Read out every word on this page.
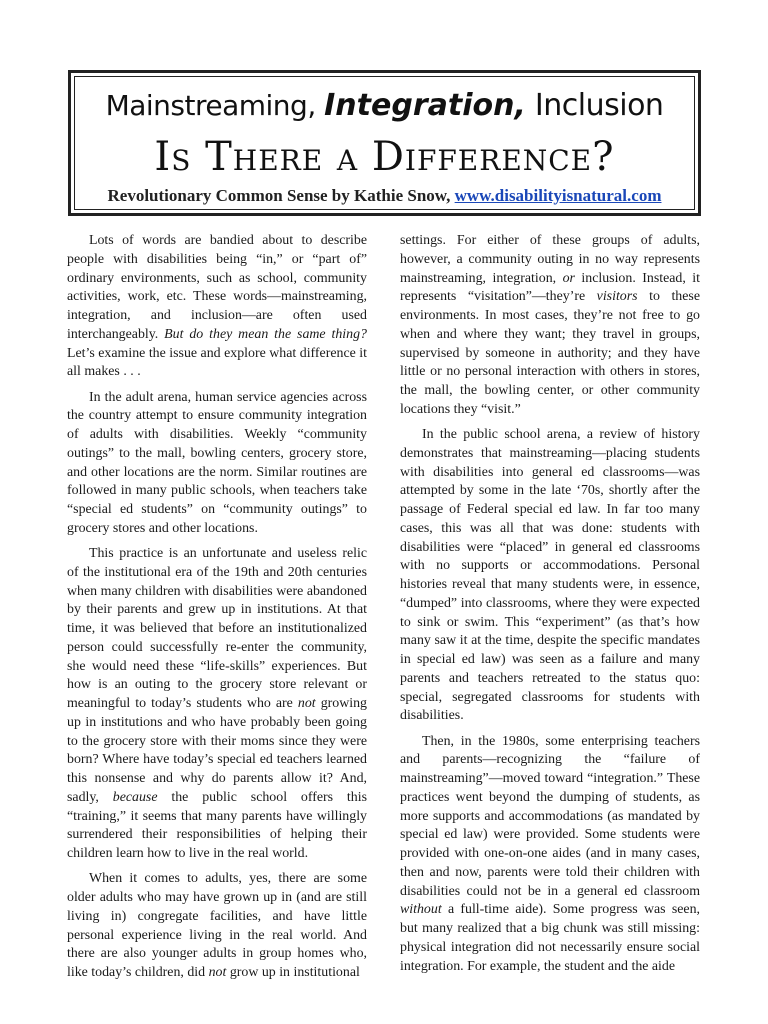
Mainstreaming, Integration, Inclusion
Is There a Difference?
Revolutionary Common Sense by Kathie Snow, www.disabilityisnatural.com

Lots of words are bandied about to describe people with disabilities being “in,” or “part of” ordinary environments, such as school, community activities, work, etc. These words—mainstreaming, integration, and inclusion—are often used interchangeably. But do they mean the same thing? Let’s examine the issue and explore what difference it all makes . . .

In the adult arena, human service agencies across the country attempt to ensure community integration of adults with disabilities. Weekly “community outings” to the mall, bowling centers, grocery store, and other locations are the norm. Similar routines are followed in many public schools, when teachers take “special ed students” on “community outings” to grocery stores and other locations.

This practice is an unfortunate and useless relic of the institutional era of the 19th and 20th centuries when many children with disabilities were abandoned by their parents and grew up in institutions. At that time, it was believed that before an institutionalized person could successfully re-enter the community, she would need these “life-skills” experiences. But how is an outing to the grocery store relevant or meaningful to today’s students who are not growing up in institutions and who have probably been going to the grocery store with their moms since they were born? Where have today’s special ed teachers learned this nonsense and why do parents allow it? And, sadly, because the public school offers this “training,” it seems that many parents have willingly surrendered their responsibilities of helping their children learn how to live in the real world.

When it comes to adults, yes, there are some older adults who may have grown up in (and are still living in) congregate facilities, and have little personal experience living in the real world. And there are also younger adults in group homes who, like today’s children, did not grow up in institutional

settings. For either of these groups of adults, however, a community outing in no way represents mainstreaming, integration, or inclusion. Instead, it represents “visitation”—they’re visitors to these environments. In most cases, they’re not free to go when and where they want; they travel in groups, supervised by someone in authority; and they have little or no personal interaction with others in stores, the mall, the bowling center, or other community locations they “visit.”

In the public school arena, a review of history demonstrates that mainstreaming—placing students with disabilities into general ed classrooms—was attempted by some in the late ‘70s, shortly after the passage of Federal special ed law. In far too many cases, this was all that was done: students with disabilities were “placed” in general ed classrooms with no supports or accommodations. Personal histories reveal that many students were, in essence, “dumped” into classrooms, where they were expected to sink or swim. This “experiment” (as that’s how many saw it at the time, despite the specific mandates in special ed law) was seen as a failure and many parents and teachers retreated to the status quo: special, segregated classrooms for students with disabilities.

Then, in the 1980s, some enterprising teachers and parents—recognizing the “failure of mainstreaming”—moved toward “integration.” These practices went beyond the dumping of students, as more supports and accommodations (as mandated by special ed law) were provided. Some students were provided with one-on-one aides (and in many cases, then and now, parents were told their children with disabilities could not be in a general ed classroom without a full-time aide). Some progress was seen, but many realized that a big chunk was still missing: physical integration did not necessarily ensure social integration. For example, the student and the aide
